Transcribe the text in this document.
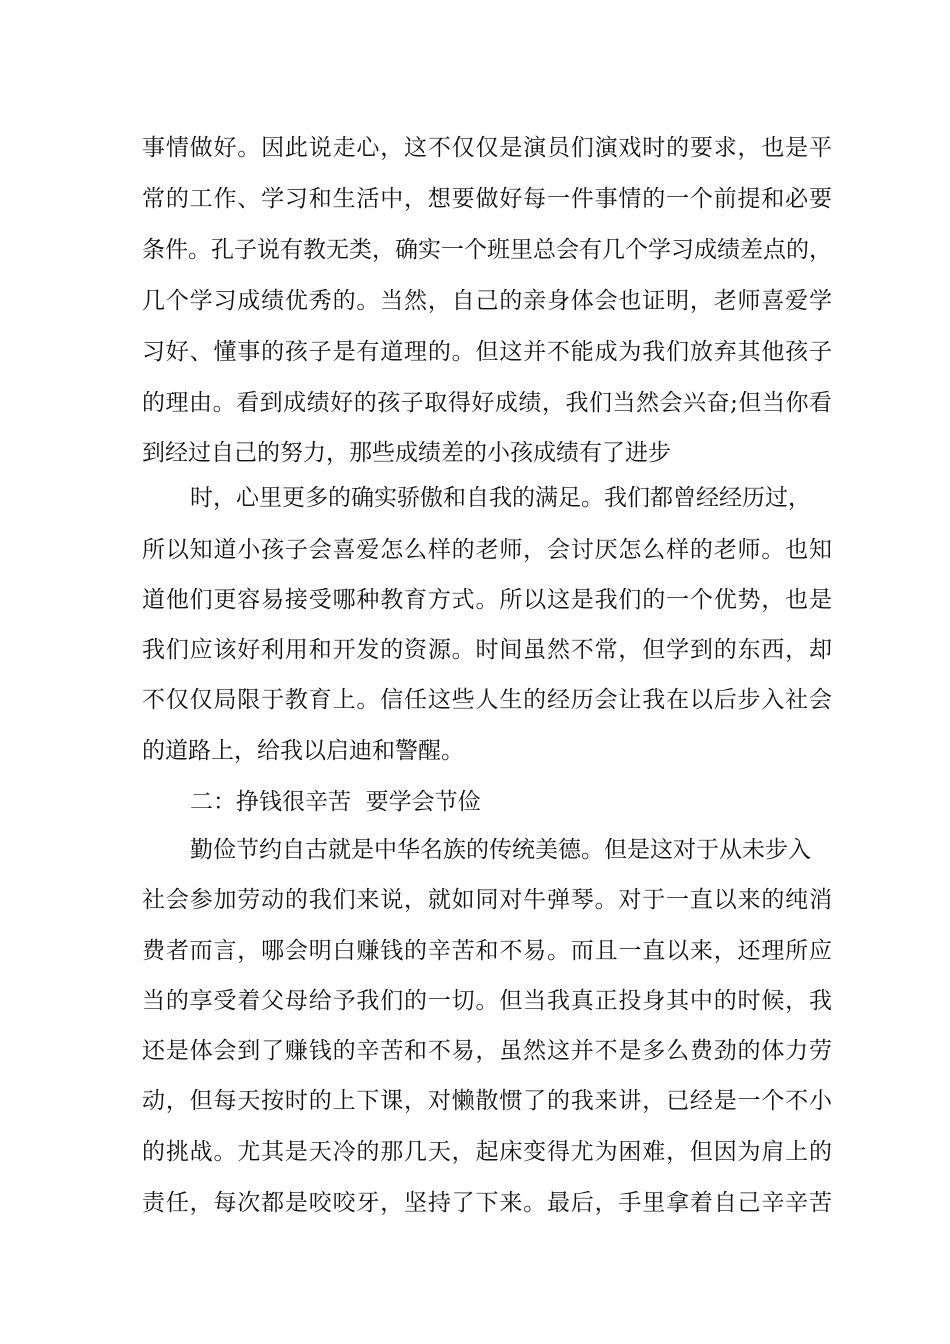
事情做好。因此说走心，这不仅仅是演员们演戏时的要求，也是平
常的工作、学习和生活中，想要做好每一件事情的一个前提和必要
条件。孔子说有教无类，确实一个班里总会有几个学习成绩差点的，
几个学习成绩优秀的。当然，自己的亲身体会也证明，老师喜爱学
习好、懂事的孩子是有道理的。但这并不能成为我们放弃其他孩子
的理由。看到成绩好的孩子取得好成绩，我们当然会兴奋;但当你看
到经过自己的努力，那些成绩差的小孩成绩有了进步
时，心里更多的确实骄傲和自我的满足。我们都曾经经历过，
所以知道小孩子会喜爱怎么样的老师，会讨厌怎么样的老师。也知
道他们更容易接受哪种教育方式。所以这是我们的一个优势，也是
我们应该好利用和开发的资源。时间虽然不常，但学到的东西，却
不仅仅局限于教育上。信任这些人生的经历会让我在以后步入社会
的道路上，给我以启迪和警醒。
二：挣钱很辛苦  要学会节俭
勤俭节约自古就是中华名族的传统美德。但是这对于从未步入
社会参加劳动的我们来说，就如同对牛弹琴。对于一直以来的纯消
费者而言，哪会明白赚钱的辛苦和不易。而且一直以来，还理所应
当的享受着父母给予我们的一切。但当我真正投身其中的时候，我
还是体会到了赚钱的辛苦和不易，虽然这并不是多么费劲的体力劳
动，但每天按时的上下课，对懒散惯了的我来讲，已经是一个不小
的挑战。尤其是天冷的那几天，起床变得尤为困难，但因为肩上的
责任，每次都是咬咬牙，坚持了下来。最后，手里拿着自己辛辛苦
